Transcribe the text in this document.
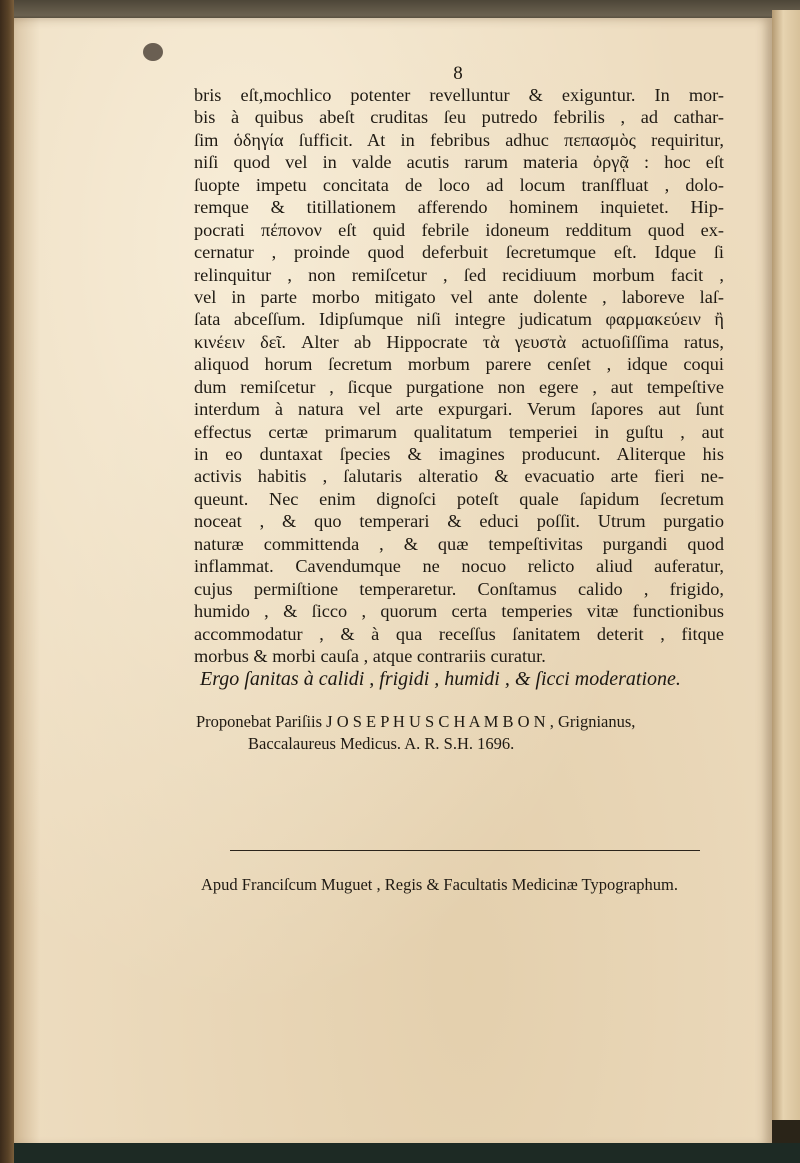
8
bris eſt,mochlico potenter revelluntur & exiguntur. In mor-
bis à quibus abeſt cruditas ſeu putredo febrilis , ad cathar-
ſim ὁδηγία ſufficit. At in febribus adhuc πεπασμὸς requiritur,
niſi quod vel in valde acutis rarum materia ὀργᾷ : hoc eſt
ſuopte impetu concitata de loco ad locum tranſfluat , dolo-
remque & titillationem afferendo hominem inquietet. Hip-
pocrati πέπονον eſt quid febrile idoneum redditum quod ex-
cernatur , proinde quod deferbuit ſecretumque eſt. Idque ſi
relinquitur , non remiſcetur , ſed recidiuum morbum facit ,
vel in parte morbo mitigato vel ante dolente , laboreve laſ-
ſata abceſſum. Idipſumque niſi integre judicatum φαρμακεύειν ἢ
κινέειν δεῖ. Alter ab Hippocrate τὰ γευστὰ actuoſiſſima ratus,
aliquod horum ſecretum morbum parere cenſet , idque coqui
dum remiſcetur , ſicque purgatione non egere , aut tempeſtive
interdum à natura vel arte expurgari. Verum ſapores aut ſunt
effectus certæ primarum qualitatum temperiei in guſtu , aut
in eo duntaxat ſpecies & imagines producunt. Aliterque his
activis habitis , ſalutaris alteratio & evacuatio arte fieri ne-
queunt. Nec enim dignoſci poteſt quale ſapidum ſecretum
noceat , & quo temperari & educi poſſit. Utrum purgatio
naturæ committenda , & quæ tempeſtivitas purgandi quod
inflammat. Cavendumque ne nocuo relicto aliud auferatur,
cujus permiſtione temperaretur. Conſtamus calido , frigido,
humido , & ſicco , quorum certa temperies vitæ functionibus
accommodatur , & à qua receſſus ſanitatem deterit , fitque
morbus & morbi cauſa , atque contrariis curatur.
Ergo ſanitas à calidi , frigidi , humidi , & ſicci moderatione.
Proponebat Pariſiis J O S E P H U S C H A M B O N , Grignianus,
Baccalaureus Medicus. A. R. S.H. 1696.
Apud Franciſcum Muguet , Regis & Facultatis Medicinæ Typographum.
